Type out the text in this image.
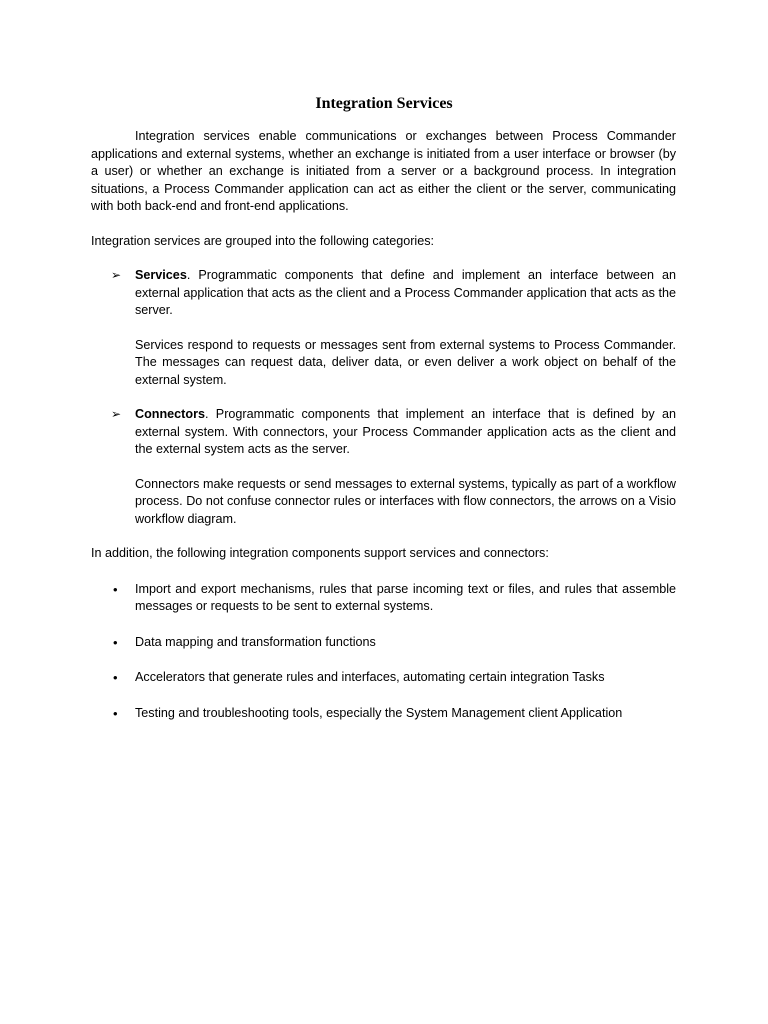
Integration Services

Integration services enable communications or exchanges between Process Commander applications and external systems, whether an exchange is initiated from a user interface or browser (by a user) or whether an exchange is initiated from a server or a background process. In integration situations, a Process Commander application can act as either the client or the server, communicating with both back-end and front-end applications.

Integration services are grouped into the following categories:

➢ Services. Programmatic components that define and implement an interface between an external application that acts as the client and a Process Commander application that acts as the server.

Services respond to requests or messages sent from external systems to Process Commander. The messages can request data, deliver data, or even deliver a work object on behalf of the external system.

➢ Connectors. Programmatic components that implement an interface that is defined by an external system. With connectors, your Process Commander application acts as the client and the external system acts as the server.

Connectors make requests or send messages to external systems, typically as part of a workflow process. Do not confuse connector rules or interfaces with flow connectors, the arrows on a Visio workflow diagram.

In addition, the following integration components support services and connectors:

• Import and export mechanisms, rules that parse incoming text or files, and rules that assemble messages or requests to be sent to external systems.

• Data mapping and transformation functions

• Accelerators that generate rules and interfaces, automating certain integration Tasks

• Testing and troubleshooting tools, especially the System Management client Application
